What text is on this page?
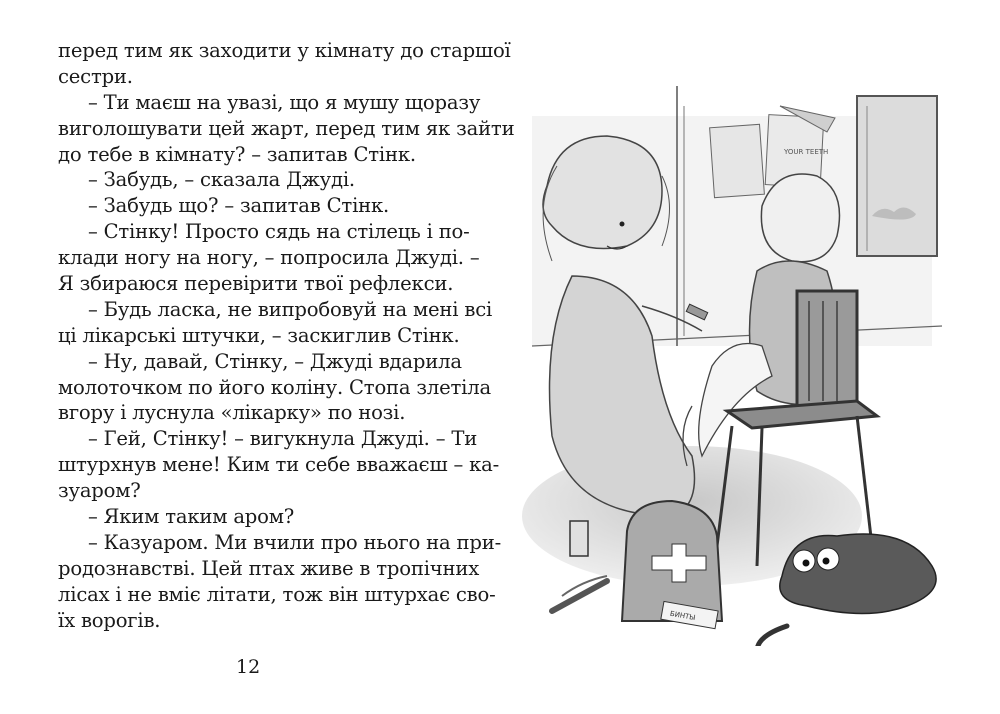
перед тим як заходити у кімнату до старшої
сестри.
– Ти маєш на увазі, що я мушу щоразу
виголошувати цей жарт, перед тим як зайти
до тебе в кімнату? – запитав Стінк.
– Забудь, – сказала Джуді.
– Забудь що? – запитав Стінк.
– Стінку! Просто сядь на стілець і по-
клади ногу на ногу, – попросила Джуді. –
Я збираюся перевірити твої рефлекси.
– Будь ласка, не випробовуй на мені всі
ці лікарські штучки, – заскиглив Стінк.
– Ну, давай, Стінку, – Джуді вдарила
молоточком по його коліну. Стопа злетіла
вгору і луснула «лікарку» по нозі.
– Гей, Стінку! – вигукнула Джуді. – Ти
штурхнув мене! Ким ти себе вважаєш – ка-
зуаром?
– Яким таким аром?
– Казуаром. Ми вчили про нього на при-
родознавстві. Цей птах живе в тропічних
лісах і не вміє літати, тож він штурхає сво-
їх ворогів.
12
YOUR TEETH
БИНТЫ
